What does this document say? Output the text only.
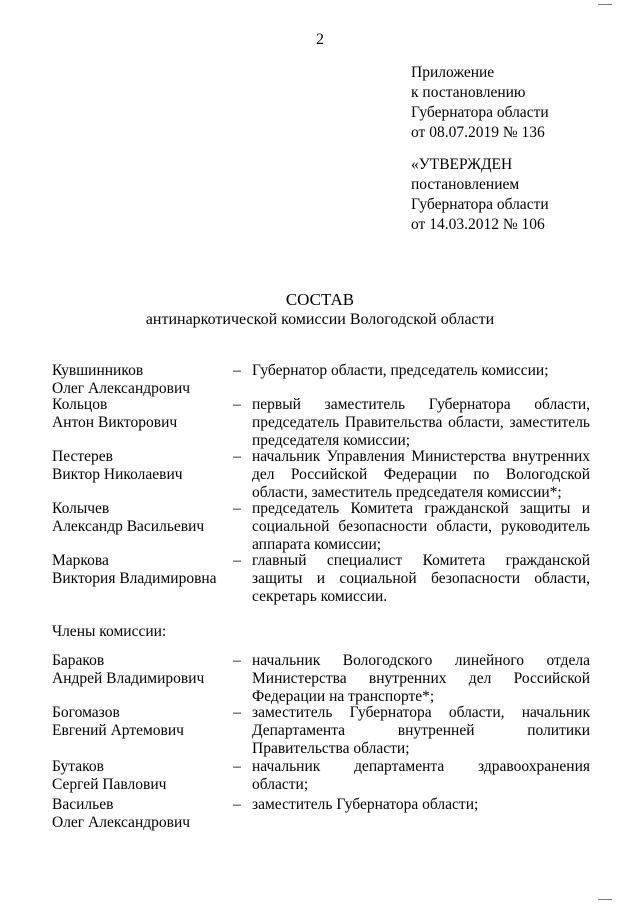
2
Приложение
к постановлению
Губернатора области
от 08.07.2019 № 136
«УТВЕРЖДЕН
постановлением
Губернатора области
от 14.03.2012 № 106
СОСТАВ
антинаркотической комиссии Вологодской области
Кувшинников
Олег Александрович
– Губернатор области, председатель комиссии;
Кольцов
Антон Викторович
– первый заместитель Губернатора области, председатель Правительства области, заместитель председателя комиссии;
Пестерев
Виктор Николаевич
– начальник Управления Министерства внутренних дел Российской Федерации по Вологодской области, заместитель председателя комиссии*;
Колычев
Александр Васильевич
– председатель Комитета гражданской защиты и социальной безопасности области, руководитель аппарата комиссии;
Маркова
Виктория Владимировна
– главный специалист Комитета гражданской защиты и социальной безопасности области, секретарь комиссии.
Члены комиссии:
Бараков
Андрей Владимирович
– начальник Вологодского линейного отдела Министерства внутренних дел Российской Федерации на транспорте*;
Богомазов
Евгений Артемович
– заместитель Губернатора области, начальник Департамента внутренней политики Правительства области;
Бутаков
Сергей Павлович
– начальник департамента здравоохранения области;
Васильев
Олег Александрович
– заместитель Губернатора области;
